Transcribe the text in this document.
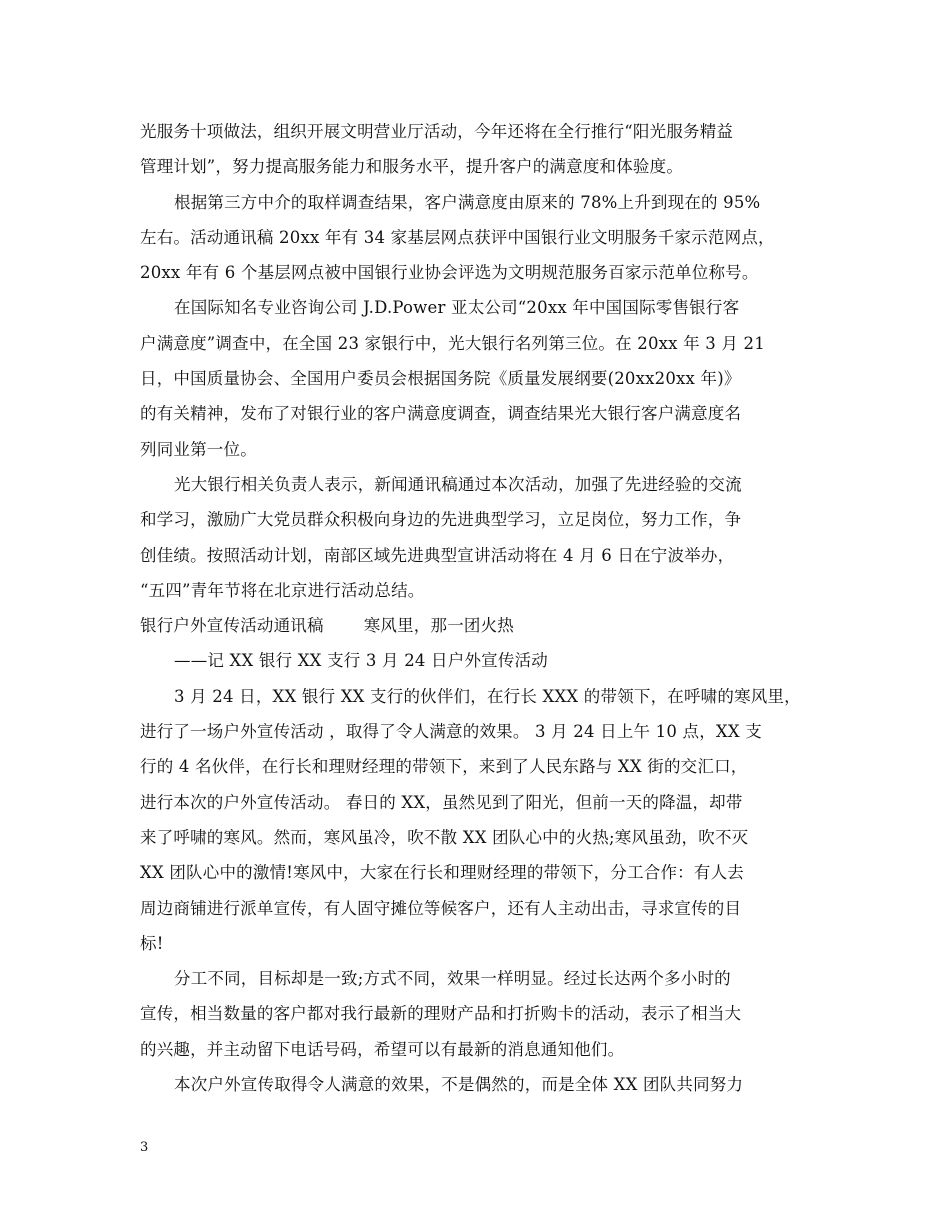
光服务十项做法，组织开展文明营业厅活动，今年还将在全行推行“阳光服务精益
管理计划”，努力提高服务能力和服务水平，提升客户的满意度和体验度。
根据第三方中介的取样调查结果，客户满意度由原来的 78%上升到现在的 95%
左右。活动通讯稿 20xx 年有 34 家基层网点获评中国银行业文明服务千家示范网点，
20xx 年有 6 个基层网点被中国银行业协会评选为文明规范服务百家示范单位称号。
在国际知名专业咨询公司 J.D.Power 亚太公司“20xx 年中国国际零售银行客
户满意度”调查中，在全国 23 家银行中，光大银行名列第三位。在 20xx 年 3 月 21
日，中国质量协会、全国用户委员会根据国务院《质量发展纲要(20xx20xx 年)》
的有关精神，发布了对银行业的客户满意度调查，调查结果光大银行客户满意度名
列同业第一位。
光大银行相关负责人表示，新闻通讯稿通过本次活动，加强了先进经验的交流
和学习，激励广大党员群众积极向身边的先进典型学习，立足岗位，努力工作，争
创佳绩。按照活动计划，南部区域先进典型宣讲活动将在 4 月 6 日在宁波举办，
“五四”青年节将在北京进行活动总结。
银行户外宣传活动通讯稿 寒风里，那一团火热
——记 XX 银行 XX 支行 3 月 24 日户外宣传活动
3 月 24 日，XX 银行 XX 支行的伙伴们，在行长 XXX 的带领下，在呼啸的寒风里，
进行了一场户外宣传活动 ，取得了令人满意的效果。 3 月 24 日上午 10 点，XX 支
行的 4 名伙伴，在行长和理财经理的带领下，来到了人民东路与 XX 街的交汇口，
进行本次的户外宣传活动。 春日的 XX，虽然见到了阳光，但前一天的降温，却带
来了呼啸的寒风。然而，寒风虽冷，吹不散 XX 团队心中的火热;寒风虽劲，吹不灭
XX 团队心中的激情!寒风中，大家在行长和理财经理的带领下，分工合作：有人去
周边商铺进行派单宣传，有人固守摊位等候客户，还有人主动出击，寻求宣传的目
标!
分工不同，目标却是一致;方式不同，效果一样明显。经过长达两个多小时的
宣传，相当数量的客户都对我行最新的理财产品和打折购卡的活动，表示了相当大
的兴趣，并主动留下电话号码，希望可以有最新的消息通知他们。
本次户外宣传取得令人满意的效果，不是偶然的，而是全体 XX 团队共同努力
3
